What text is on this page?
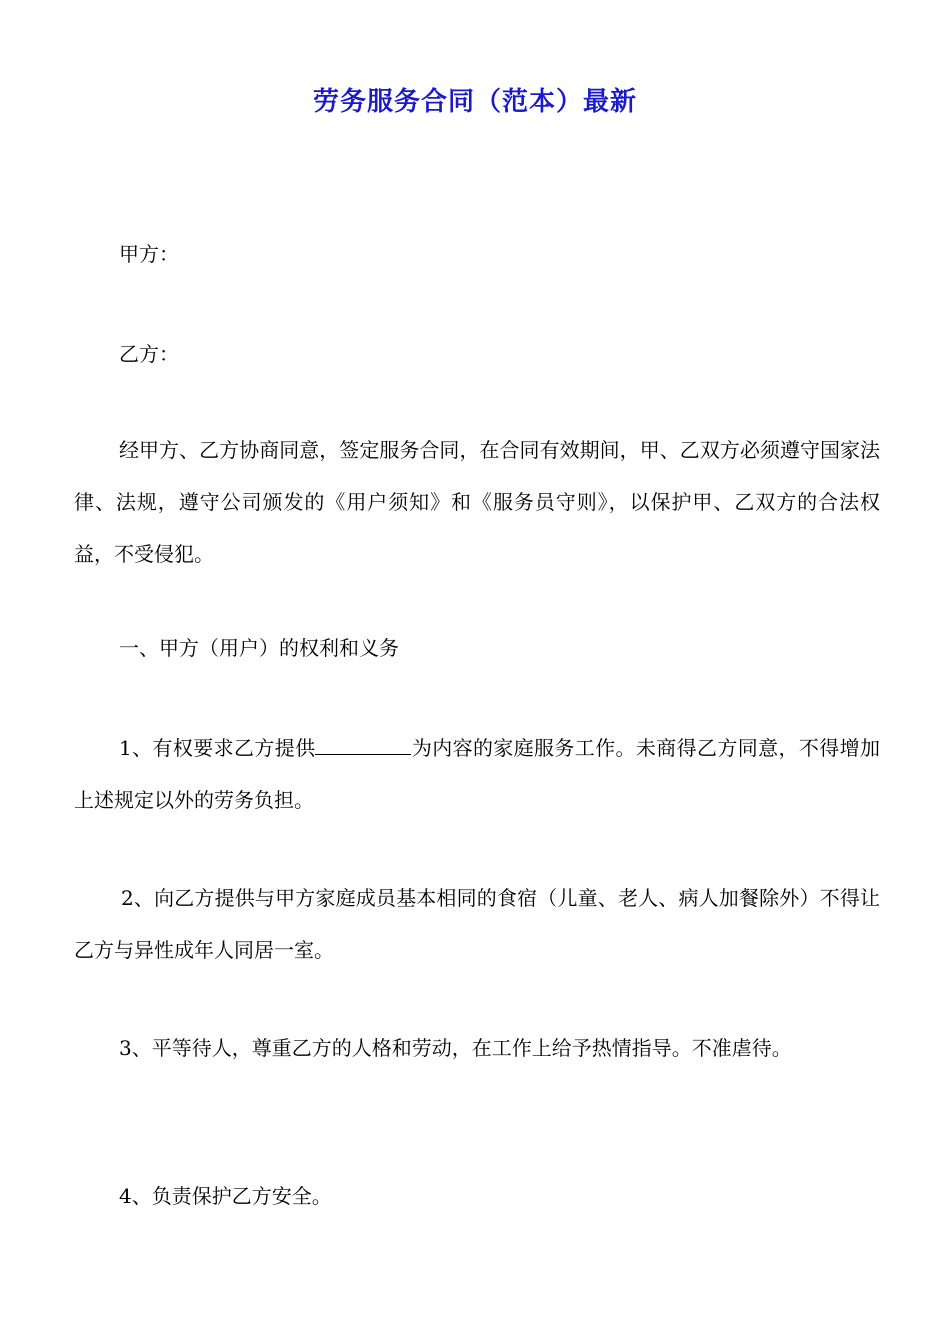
劳务服务合同（范本）最新

甲方：

乙方：

经甲方、乙方协商同意，签定服务合同，在合同有效期间，甲、乙双方必须遵守国家法律、法规，遵守公司颁发的《用户须知》和《服务员守则》，以保护甲、乙双方的合法权益，不受侵犯。

一、甲方（用户）的权利和义务

1、有权要求乙方提供	为内容的家庭服务工作。未商得乙方同意，不得增加上述规定以外的劳务负担。

2、向乙方提供与甲方家庭成员基本相同的食宿（儿童、老人、病人加餐除外）不得让乙方与异性成年人同居一室。

3、平等待人，尊重乙方的人格和劳动，在工作上给予热情指导。不准虐待。

4、负责保护乙方安全。
